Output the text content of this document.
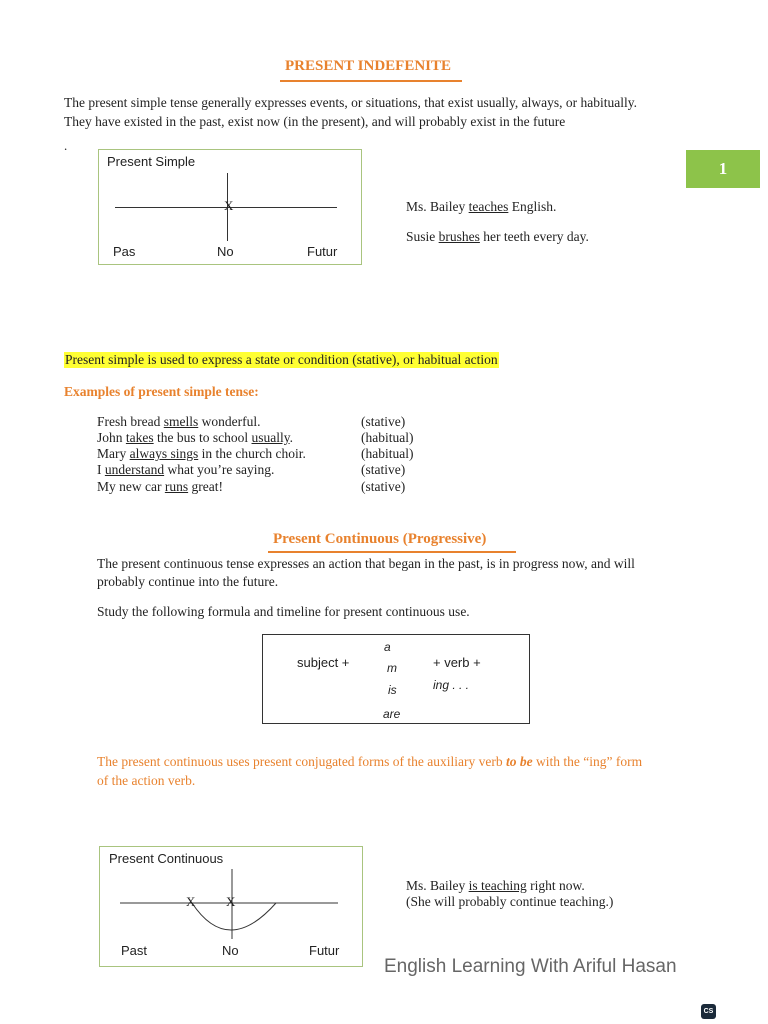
PRESENT INDEFENITE
The present simple tense generally expresses events, or situations, that exist usually, always, or habitually.
They have existed in the past, exist now (in the present), and will probably exist in the future
.
1
Present Simple
X
Pas	No	Futur
Ms. Bailey teaches English.
Susie brushes her teeth every day.
Present simple is used to express a state or condition (stative), or habitual action
Examples of present simple tense:
Fresh bread smells wonderful.	(stative)
John takes the bus to school usually.	(habitual)
Mary always sings in the church choir.	(habitual)
I understand what you’re saying.	(stative)
My new car runs great!	(stative)
Present Continuous (Progressive)
The present continuous tense expresses an action that began in the past, is in progress now, and will
probably continue into the future.
Study the following formula and timeline for present continuous use.
subject +
a
m
is
are
+ verb +
ing . . .
The present continuous uses present conjugated forms of the auxiliary verb to be with the “ing” form
of the action verb.
Present Continuous
X X
Past	No	Futur
Ms. Bailey is teaching right now.
(She will probably continue teaching.)
English Learning With Ariful Hasan
CS
